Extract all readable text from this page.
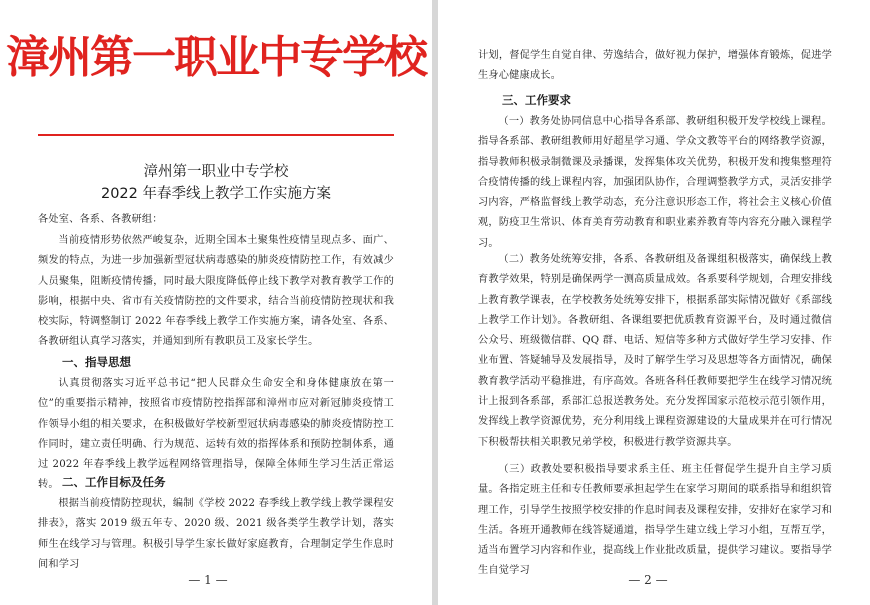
漳州第一职业中专学校
漳州第一职业中专学校
2022 年春季线上教学工作实施方案

各处室、各系、各教研组：

当前疫情形势依然严峻复杂，近期全国本土聚集性疫情呈现点多、面广、频发的特点，为进一步加强新型冠状病毒感染的肺炎疫情防控工作，有效减少人员聚集，阻断疫情传播，同时最大限度降低停止线下教学对教育教学工作的影响，根据中央、省市有关疫情防控的文件要求，结合当前疫情防控现状和我校实际，特调整制订 2022 年春季线上教学工作实施方案，请各处室、各系、各教研组认真学习落实，并通知到所有教职员工及家长学生。

一、指导思想

认真贯彻落实习近平总书记“把人民群众生命安全和身体健康放在第一位”的重要指示精神，按照省市疫情防控指挥部和漳州市应对新冠肺炎疫情工作领导小组的相关要求，在积极做好学校新型冠状病毒感染的肺炎疫情防控工作同时，建立责任明确、行为规范、运转有效的指挥体系和预防控制体系，通过 2022 年春季线上教学远程网络管理指导，保障全体师生学习生活正常运转。 二、工作目标及任务

根据当前疫情防控现状，编制《学校 2022 春季线上教学线上教学课程安排表》，落实 2019 级五年专、2020 级、2021 级各类学生教学计划，落实师生在线学习与管理。积极引导学生家长做好家庭教育，合理制定学生作息时间和学习

— 1 —

计划，督促学生自觉自律、劳逸结合，做好视力保护，增强体育锻炼，促进学生身心健康成长。

三、工作要求

（一）教务处协同信息中心指导各系部、教研组积极开发学校线上课程。指导各系部、教研组教师用好超星学习通、学众文教等平台的网络教学资源，指导教师积极录制微课及录播课，发挥集体攻关优势，积极开发和搜集整理符合疫情传播的线上课程内容，加强团队协作，合理调整教学方式，灵活安排学习内容，严格监督线上教学动态，充分注意识形态工作，将社会主义核心价值观，防疫卫生常识、体育美育劳动教育和职业素养教育等内容充分融入课程学习。

（二）教务处统筹安排，各系、各教研组及备课组积极落实，确保线上教育教学效果，特别是确保两学一测高质量成效。各系要科学规划，合理安排线上教育教学课表，在学校教务处统筹安排下，根据系部实际情况做好《系部线上教学工作计划》。各教研组、各课组要把优质教育资源平台，及时通过微信公众号、班级微信群、QQ 群、电话、短信等多种方式做好学生学习安排、作业布置、答疑辅导及发展指导，及时了解学生学习及思想等各方面情况，确保教育教学活动平稳推进，有序高效。各班各科任教师要把学生在线学习情况统计上报到各系部，系部汇总报送教务处。充分发挥国家示范校示范引领作用，发挥线上教学资源优势，充分利用线上课程资源建设的大量成果并在可行情况下积极帮扶相关职教兄弟学校，积极进行教学资源共享。

（三）政教处要积极指导要求系主任、班主任督促学生提升自主学习质量。各指定班主任和专任教师要承担起学生在家学习期间的联系指导和组织管理工作，引导学生按照学校安排的作息时间表及课程安排，安排好在家学习和生活。各班开通教师在线答疑通道，指导学生建立线上学习小组，互帮互学，适当布置学习内容和作业，提高线上作业批改质量，提供学习建议。要指导学生自觉学习

— 2 —
